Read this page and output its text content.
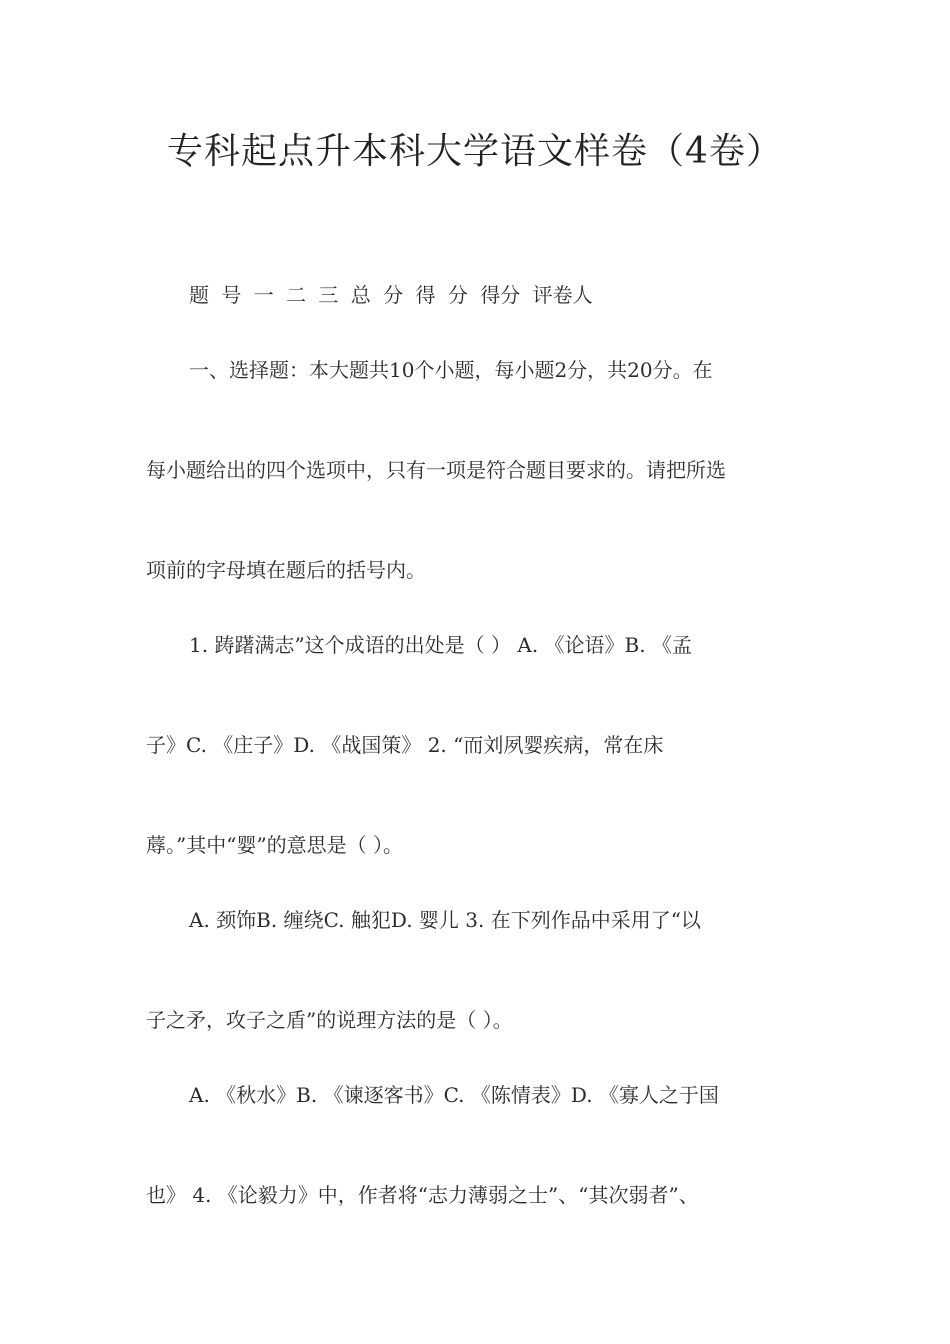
专科起点升本科大学语文样卷（4卷）
题 号 一 二 三 总 分 得 分 得分 评卷人
一、选择题：本大题共10个小题，每小题2分，共20分。在
每小题给出的四个选项中，只有一项是符合题目要求的。请把所选
项前的字母填在题后的括号内。
1. 踌躇满志”这个成语的出处是（ ） A. 《论语》B. 《孟
子》C. 《庄子》D. 《战国策》 2. “而刘夙婴疾病，常在床
蓐。”其中“婴”的意思是（ ）。
A. 颈饰B. 缠绕C. 触犯D. 婴儿 3. 在下列作品中采用了“以
子之矛，攻子之盾”的说理方法的是（ ）。
A. 《秋水》B. 《谏逐客书》C. 《陈情表》D. 《寡人之于国
也》 4. 《论毅力》中，作者将“志力薄弱之士”、“其次弱者”、
